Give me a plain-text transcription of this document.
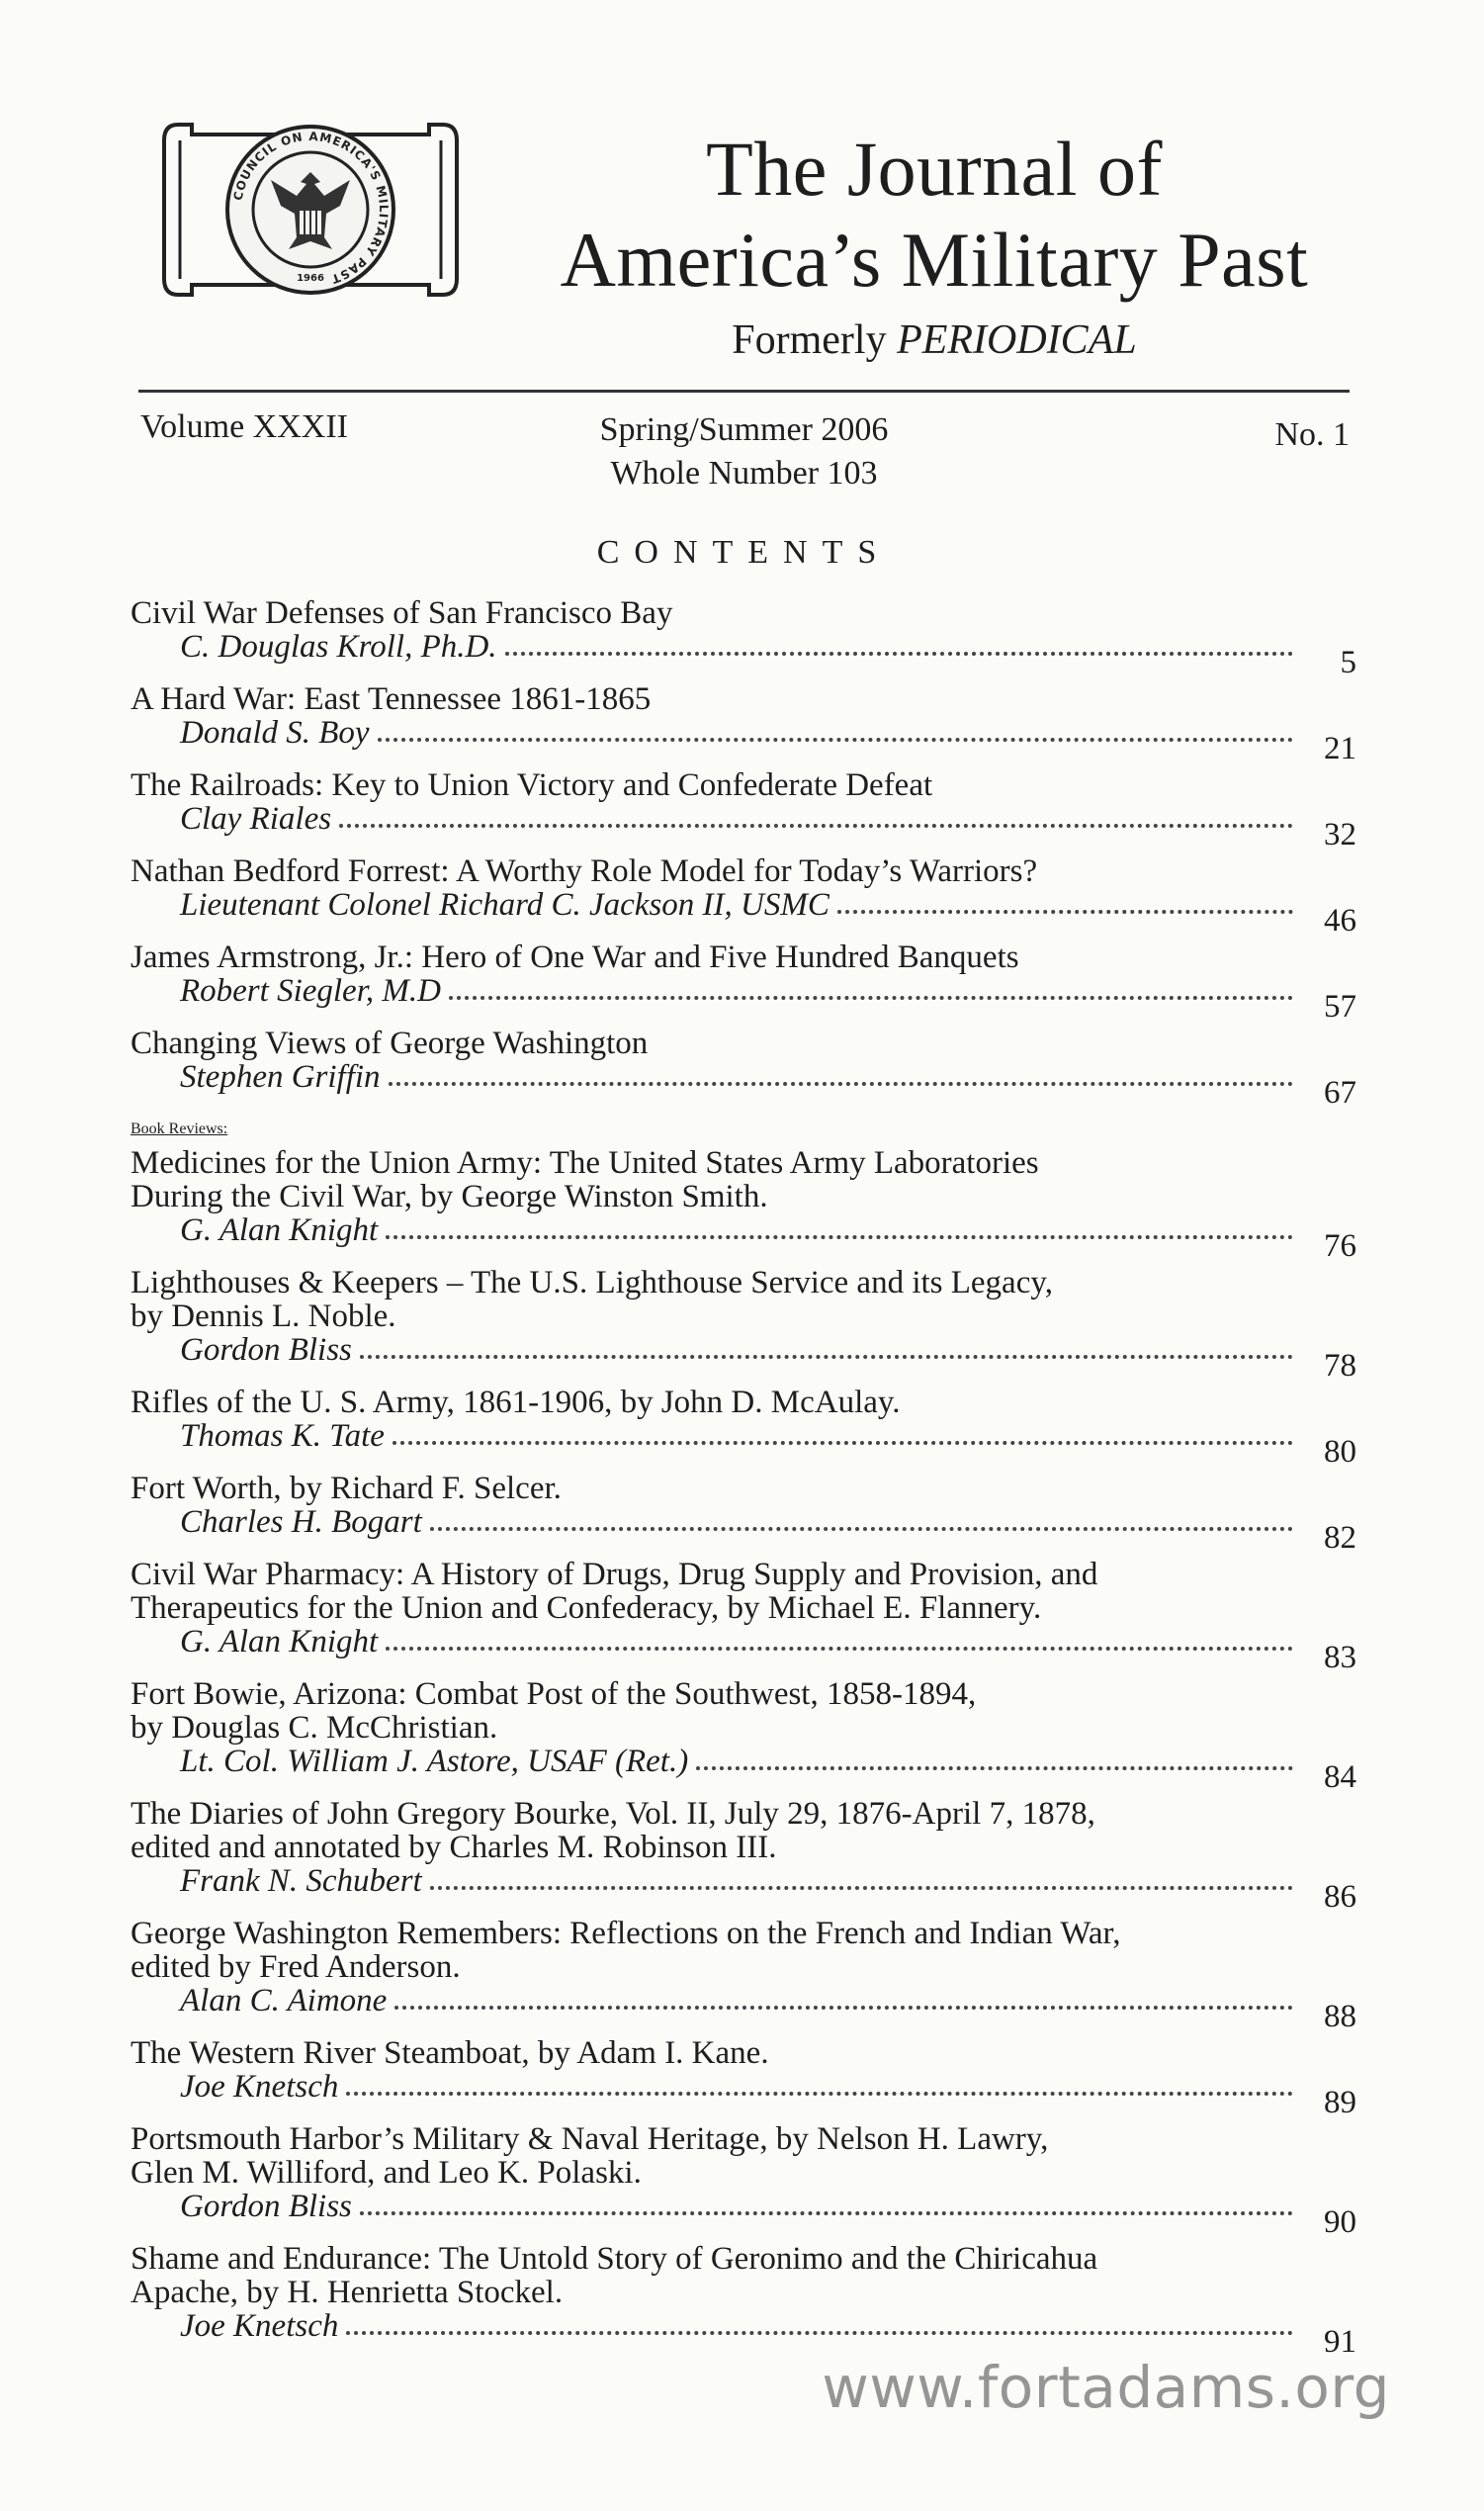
COUNCIL ON AMERICA'S MILITARY PAST
1966
The Journal of
America’s Military Past
Formerly PERIODICAL
Spring/Summer 2006
Whole Number 103
Volume XXXII	No. 1
CONTENTS
Civil War Defenses of San Francisco Bay
C. Douglas Kroll, Ph.D.	5
A Hard War: East Tennessee 1861-1865
Donald S. Boy	21
The Railroads: Key to Union Victory and Confederate Defeat
Clay Riales	32
Nathan Bedford Forrest: A Worthy Role Model for Today’s Warriors?
Lieutenant Colonel Richard C. Jackson II, USMC	46
James Armstrong, Jr.: Hero of One War and Five Hundred Banquets
Robert Siegler, M.D	57
Changing Views of George Washington
Stephen Griffin	67
Book Reviews:
Medicines for the Union Army: The United States Army Laboratories
During the Civil War, by George Winston Smith.
G. Alan Knight	76
Lighthouses & Keepers – The U.S. Lighthouse Service and its Legacy,
by Dennis L. Noble.
Gordon Bliss	78
Rifles of the U. S. Army, 1861-1906, by John D. McAulay.
Thomas K. Tate	80
Fort Worth, by Richard F. Selcer.
Charles H. Bogart	82
Civil War Pharmacy: A History of Drugs, Drug Supply and Provision, and
Therapeutics for the Union and Confederacy, by Michael E. Flannery.
G. Alan Knight	83
Fort Bowie, Arizona: Combat Post of the Southwest, 1858-1894,
by Douglas C. McChristian.
Lt. Col. William J. Astore, USAF (Ret.)	84
The Diaries of John Gregory Bourke, Vol. II, July 29, 1876-April 7, 1878,
edited and annotated by Charles M. Robinson III.
Frank N. Schubert	86
George Washington Remembers: Reflections on the French and Indian War,
edited by Fred Anderson.
Alan C. Aimone	88
The Western River Steamboat, by Adam I. Kane.
Joe Knetsch	89
Portsmouth Harbor’s Military & Naval Heritage, by Nelson H. Lawry,
Glen M. Williford, and Leo K. Polaski.
Gordon Bliss	90
Shame and Endurance: The Untold Story of Geronimo and the Chiricahua
Apache, by H. Henrietta Stockel.
Joe Knetsch	91
www.fortadams.org
